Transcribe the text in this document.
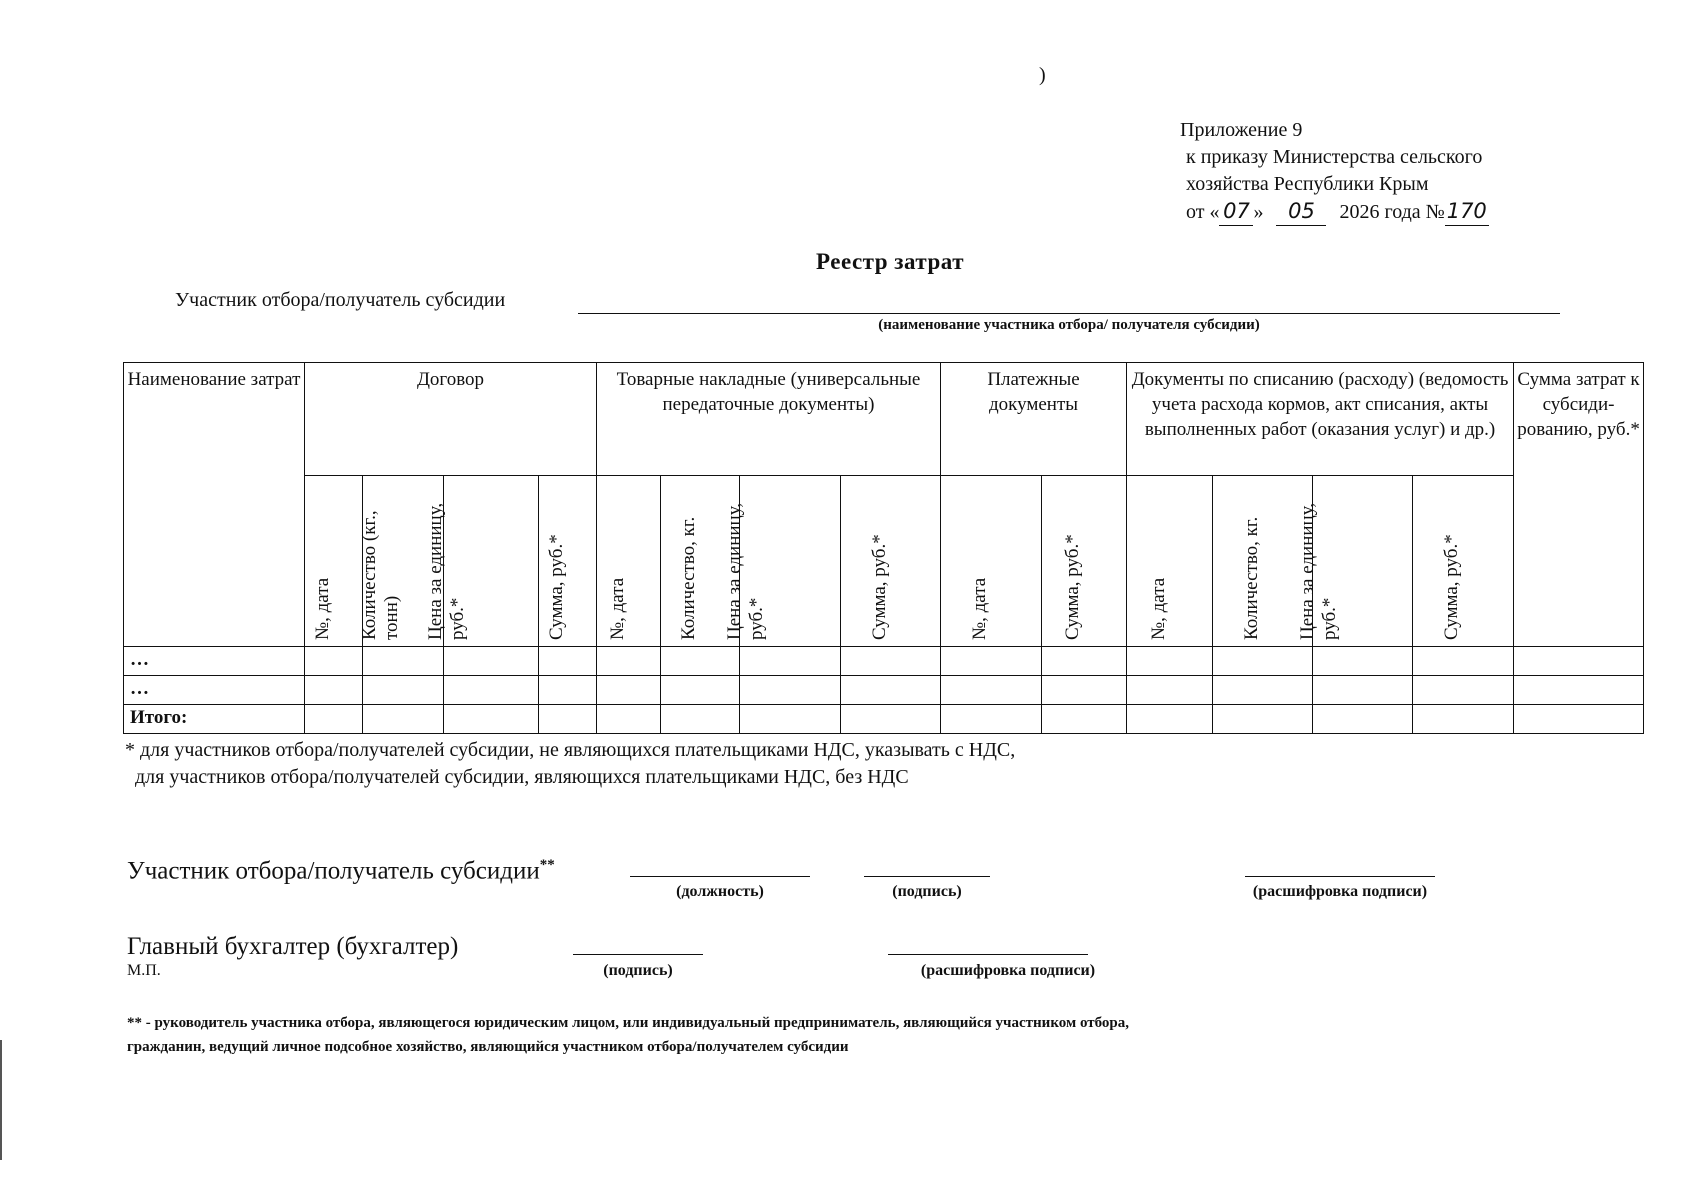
)
Приложение 9
к приказу Министерства сельского
хозяйства Республики Крым
от « 07 » 05 2026 года №170
Реестр затрат
Участник отбора/получатель субсидии
(наименование участника отбора/ получателя субсидии)
Наименование затрат	Договор				Товарные накладные (универсальные передаточные документы)				Платежные документы		Документы по списанию (расходу) (ведомость учета расхода кормов, акт списания, акты выполненных работ (оказания услуг) и др.)				Сумма затрат к субсиди-рованию, руб.*

	№, дата	Количество (кг., тонн)	Цена за единицу, руб.*	Сумма, руб.*	№, дата	Количество, кг.	Цена за единицу, руб.*	Сумма, руб.*	№, дата	Сумма, руб.*	№, дата	Количество, кг.	Цена за единицу, руб.*	Сумма, руб.*	

…															
…															
Итого:															
* для участников отбора/получателей субсидии, не являющихся плательщиками НДС, указывать с НДС,
для участников отбора/получателей субсидии, являющихся плательщиками НДС, без НДС
Участник отбора/получатель субсидии**
(должность)	(подпись)	(расшифровка подписи)
Главный бухгалтер (бухгалтер)
М.П.	(подпись)	(расшифровка подписи)
** - руководитель участника отбора, являющегося юридическим лицом, или индивидуальный предприниматель, являющийся участником отбора,
гражданин, ведущий личное подсобное хозяйство, являющийся участником отбора/получателем субсидии
